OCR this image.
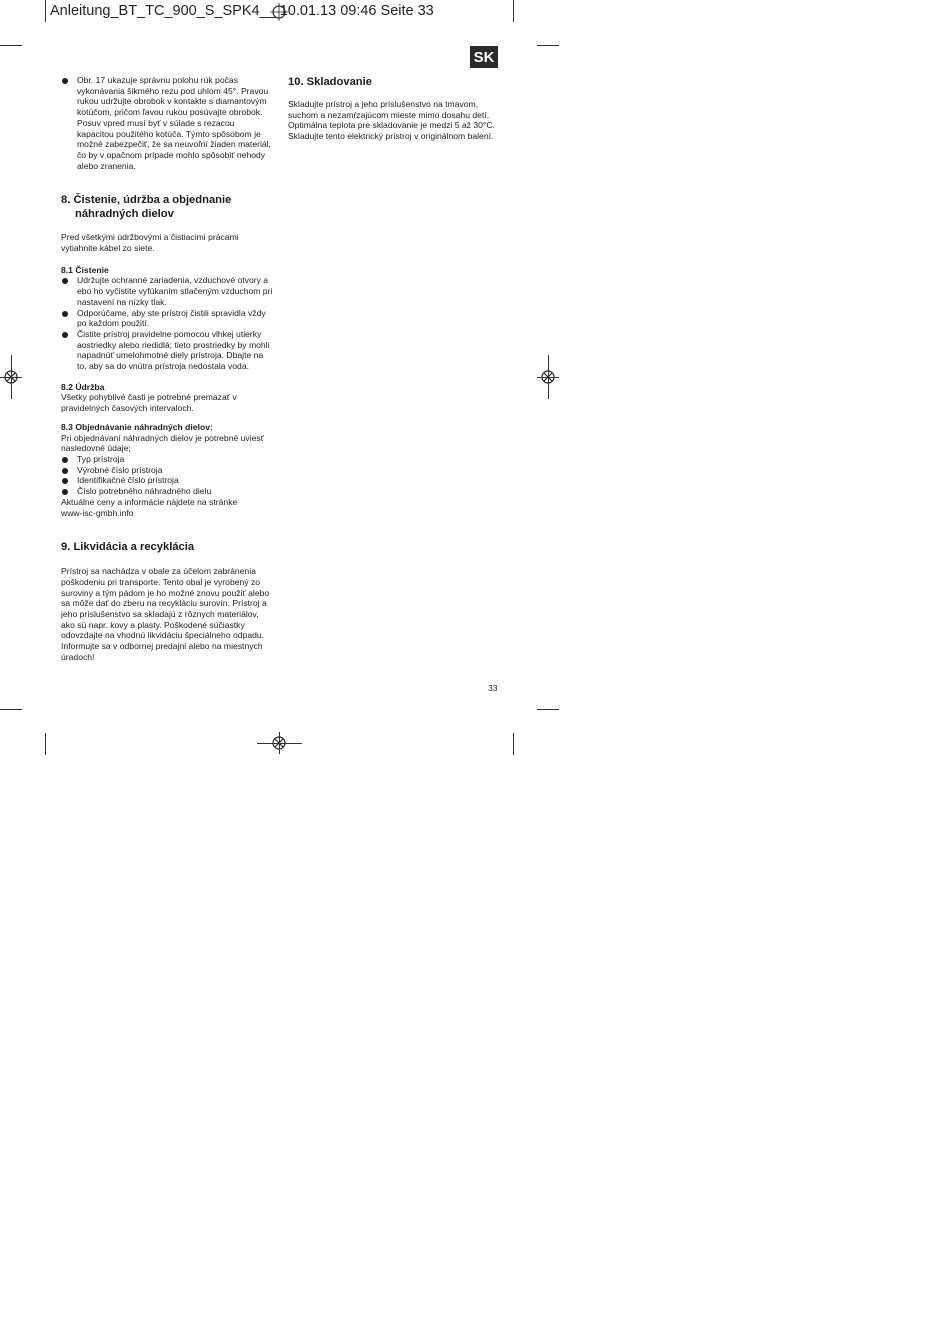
Anleitung_BT_TC_900_S_SPK4__ 10.01.13 09:46 Seite 33
SK

Obr. 17 ukazuje správnu polohu rúk počas vykonávania šikmého rezu pod uhlom 45°. Pravou rukou udržujte obrobok v kontakte s diamantovým kotúčom, pričom ľavou rukou posúvajte obrobok. Posuv vpred musí byť v súlade s rezacou kapacitou použitého kotúča. Týmto spôsobom je možné zabezpečiť, že sa neuvoľní žiaden materiál, čo by v opačnom prípade mohlo spôsobiť nehody alebo zranenia.

8. Čistenie, údržba a objednanie
náhradných dielov

Pred všetkými údržbovými a čistiacimi prácami vytiahnite kábel zo siete.

8.1 Čistenie

Udržujte ochranné zariadenia, vzduchové otvory a ebo ho vyčistite vyfúkaním stlačeným vzduchom pri nastavení na nízky tlak.

Odporúčame, aby ste prístroj čistili spravidla vždy po každom použití.

Čistite prístroj pravidelne pomocou vlhkej utierky aostriedky alebo riedidlá; tieto prostriedky by mohli napadnúť umelohmotné diely prístroja. Dbajte na to, aby sa do vnútra prístroja nedostala voda.

8.2 Údržba

Všetky pohyblivé časti je potrebné premazať v pravidelných časových intervaloch.

8.3 Objednávanie náhradných dielov:

Pri objednávaní náhradných dielov je potrebné uviesť nasledovné údaje;

Typ prístroja

Výrobné číslo prístroja

Identifikačné číslo prístroja

Číslo potrebného náhradného dielu

Aktuálne ceny a informácie nájdete na stránke www-isc-gmbh.info

9. Likvidácia a recyklácia

Prístroj sa nachádza v obale za účelom zabránenia poškodeniu pri transporte. Tento obal je vyrobený zo suroviny a tým pádom je ho možné znovu použiť alebo sa môže dať do zberu na recykláciu surovín. Prístroj a jeho príslušenstvo sa skladajú z rôznych materiálov, ako sú napr. kovy a plasty. Poškodené súčiastky odovzdajte na vhodnú likvidáciu špeciálneho odpadu. Informujte sa v odbornej predajni alebo na miestnych úradoch!

10. Skladovanie

Skladujte prístroj a jeho príslušenstvo na tmavom, suchom a nezamŕzajúcom mieste mimo dosahu detí. Optimálna teplota pre skladovanie je medzi 5 až 30°C. Skladujte tento elektrický prístroj v originálnom balení.

33
